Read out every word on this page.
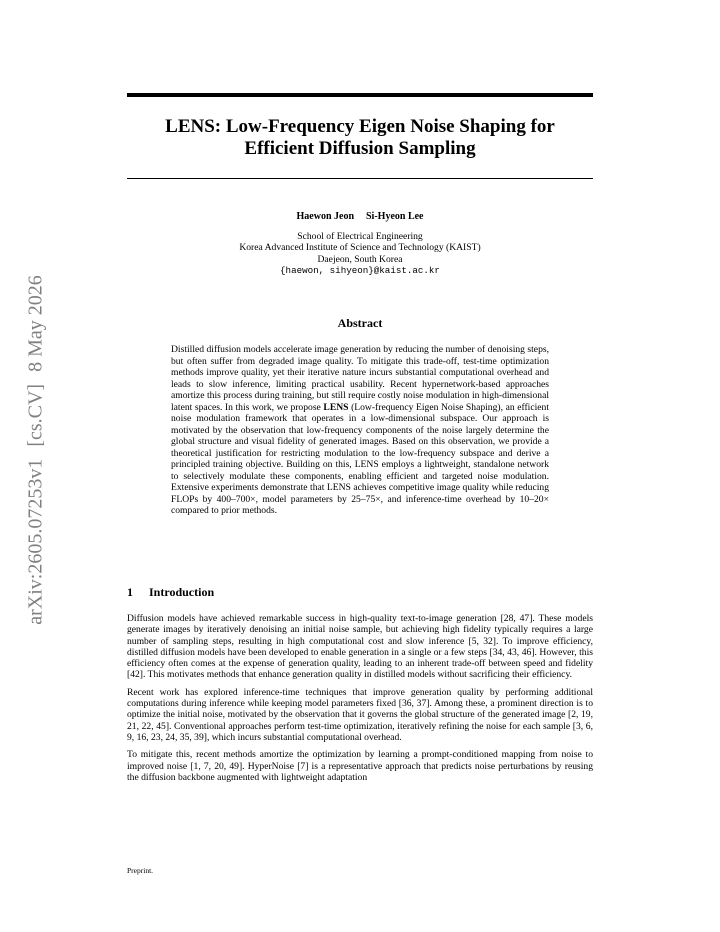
arXiv:2605.07253v1[cs.CV]8 May 2026
LENS: Low-Frequency Eigen Noise Shaping for
Efficient Diffusion Sampling
Haewon Jeon Si-Hyeon Lee
School of Electrical Engineering
Korea Advanced Institute of Science and Technology (KAIST)
Daejeon, South Korea
{haewon, sihyeon}@kaist.ac.kr
Abstract

Distilled diffusion models accelerate image generation by reducing the number of denoising steps, but often suffer from degraded image quality. To mitigate this trade-off, test-time optimization methods improve quality, yet their iterative nature incurs substantial computational overhead and leads to slow inference, limiting practical usability. Recent hypernetwork-based approaches amortize this process during training, but still require costly noise modulation in high-dimensional latent spaces. In this work, we propose LENS (Low-frequency Eigen Noise Shaping), an efficient noise modulation framework that operates in a low-dimensional subspace. Our approach is motivated by the observation that low-frequency components of the noise largely determine the global structure and visual fidelity of generated images. Based on this observation, we provide a theoretical justification for restricting modulation to the low-frequency subspace and derive a principled training objective. Building on this, LENS employs a lightweight, standalone network to selectively modulate these components, enabling efficient and targeted noise modulation. Extensive experiments demonstrate that LENS achieves competitive image quality while reducing FLOPs by 400–700×, model parameters by 25–75×, and inference-time overhead by 10–20× compared to prior methods.

1 Introduction

Diffusion models have achieved remarkable success in high-quality text-to-image generation [28, 47]. These models generate images by iteratively denoising an initial noise sample, but achieving high fidelity typically requires a large number of sampling steps, resulting in high computational cost and slow inference [5, 32]. To improve efficiency, distilled diffusion models have been developed to enable generation in a single or a few steps [34, 43, 46]. However, this efficiency often comes at the expense of generation quality, leading to an inherent trade-off between speed and fidelity [42]. This motivates methods that enhance generation quality in distilled models without sacrificing their efficiency.

Recent work has explored inference-time techniques that improve generation quality by performing additional computations during inference while keeping model parameters fixed [36, 37]. Among these, a prominent direction is to optimize the initial noise, motivated by the observation that it governs the global structure of the generated image [2, 19, 21, 22, 45]. Conventional approaches perform test-time optimization, iteratively refining the noise for each sample [3, 6, 9, 16, 23, 24, 35, 39], which incurs substantial computational overhead.

To mitigate this, recent methods amortize the optimization by learning a prompt-conditioned mapping from noise to improved noise [1, 7, 20, 49]. HyperNoise [7] is a representative approach that predicts noise perturbations by reusing the diffusion backbone augmented with lightweight adaptation

Preprint.
